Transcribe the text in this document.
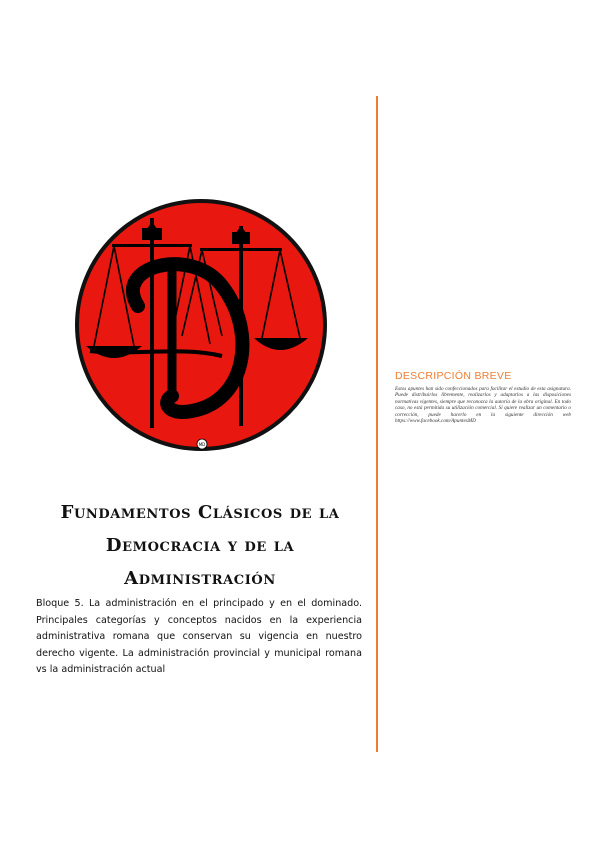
MD

DESCRIPCIÓN BREVE

Estos apuntes han sido confeccionados para facilitar el estudio de esta asignatura. Puede distribuirlos libremente, realizarlos y adaptarlos a las disposiciones normativas vigentes, siempre que reconozca la autoría de la obra original. En todo caso, no está permitida su utilización comercial. Si quiere realizar un comentario o corrección, puede hacerlo en la siguiente dirección web https://www.facebook.com/ApuntesMD

Fundamentos Clásicos de la
Democracia y de la
Administración

Bloque 5. La administración en el principado y en el dominado. Principales categorías y conceptos nacidos en la experiencia administrativa romana que conservan su vigencia en nuestro derecho vigente. La administración provincial y municipal romana vs la administración actual
